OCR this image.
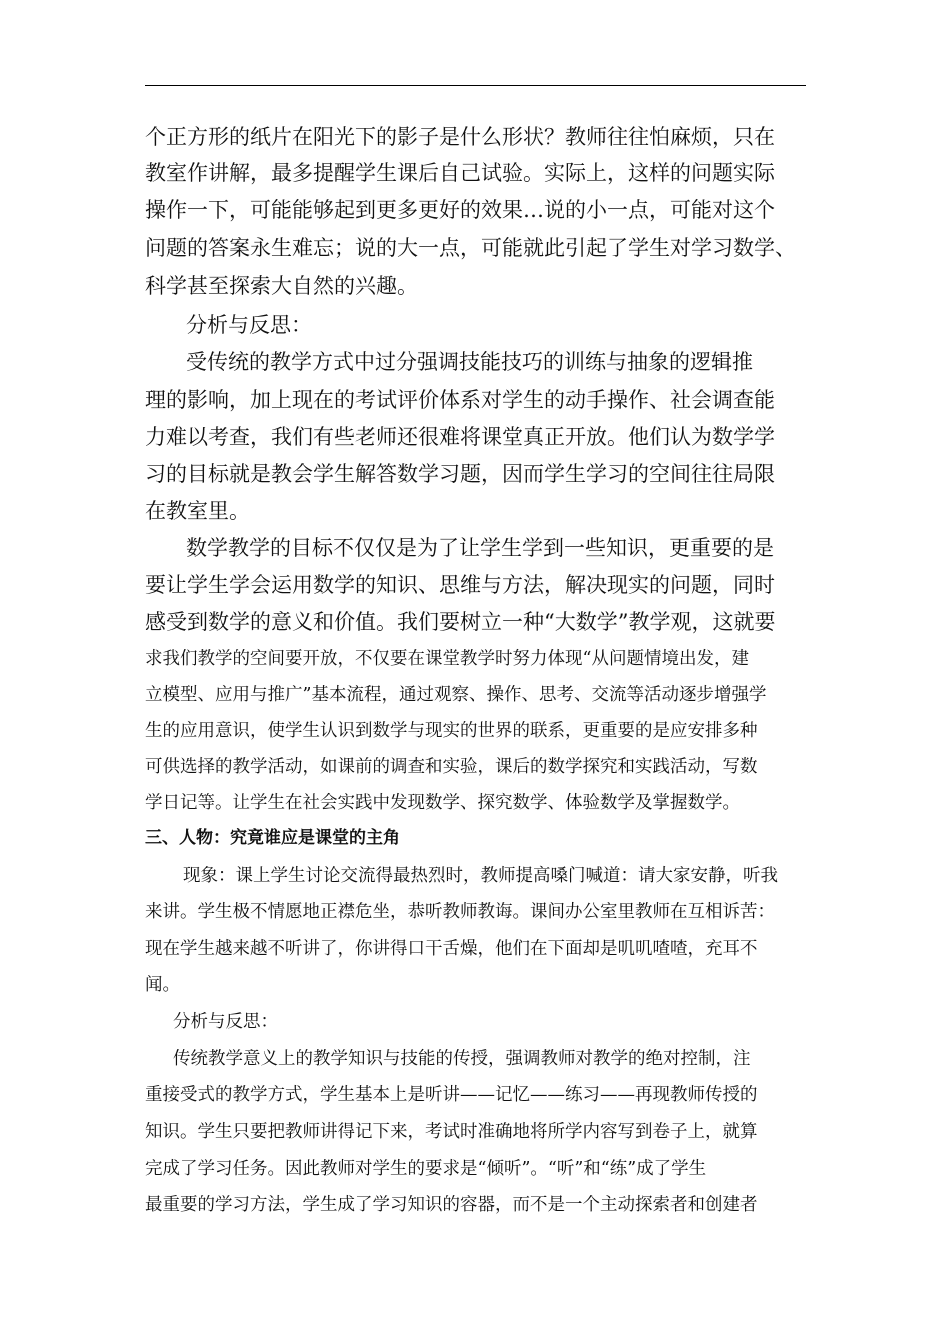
个正方形的纸片在阳光下的影子是什么形状？教师往往怕麻烦，只在
教室作讲解，最多提醒学生课后自己试验。实际上，这样的问题实际
操作一下，可能能够起到更多更好的效果…说的小一点，可能对这个
问题的答案永生难忘；说的大一点，可能就此引起了学生对学习数学、
科学甚至探索大自然的兴趣。
分析与反思：
受传统的教学方式中过分强调技能技巧的训练与抽象的逻辑推
理的影响，加上现在的考试评价体系对学生的动手操作、社会调查能
力难以考查，我们有些老师还很难将课堂真正开放。他们认为数学学
习的目标就是教会学生解答数学习题，因而学生学习的空间往往局限
在教室里。
数学教学的目标不仅仅是为了让学生学到一些知识，更重要的是
要让学生学会运用数学的知识、思维与方法，解决现实的问题，同时
感受到数学的意义和价值。我们要树立一种“大数学”教学观，这就要
求我们教学的空间要开放，不仅要在课堂教学时努力体现“从问题情境出发，建
立模型、应用与推广”基本流程，通过观察、操作、思考、交流等活动逐步增强学
生的应用意识，使学生认识到数学与现实的世界的联系，更重要的是应安排多种
可供选择的教学活动，如课前的调查和实验，课后的数学探究和实践活动，写数
学日记等。让学生在社会实践中发现数学、探究数学、体验数学及掌握数学。
三、人物：究竟谁应是课堂的主角
现象：课上学生讨论交流得最热烈时，教师提高嗓门喊道：请大家安静，听我
来讲。学生极不情愿地正襟危坐，恭听教师教诲。课间办公室里教师在互相诉苦：
现在学生越来越不听讲了，你讲得口干舌燥，他们在下面却是叽叽喳喳，充耳不
闻。
分析与反思：
传统教学意义上的教学知识与技能的传授，强调教师对教学的绝对控制，注
重接受式的教学方式，学生基本上是听讲——记忆——练习——再现教师传授的
知识。学生只要把教师讲得记下来，考试时准确地将所学内容写到卷子上，就算
完成了学习任务。因此教师对学生的要求是“倾听”。“听”和“练”成了学生
最重要的学习方法，学生成了学习知识的容器，而不是一个主动探索者和创建者
